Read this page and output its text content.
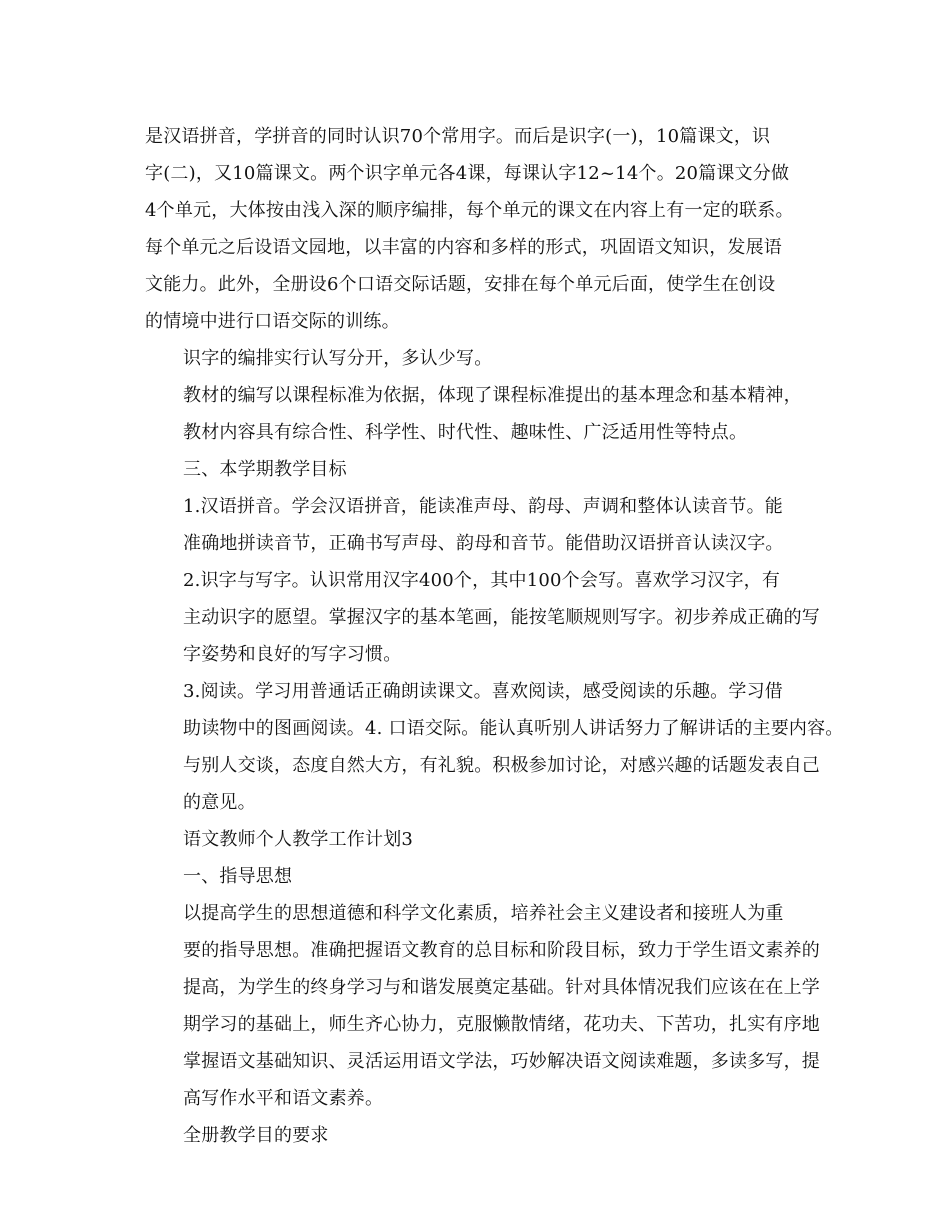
是汉语拼音，学拼音的同时认识70个常用字。而后是识字(一)，10篇课文，识
字(二)，又10篇课文。两个识字单元各4课，每课认字12~14个。20篇课文分做
4个单元，大体按由浅入深的顺序编排，每个单元的课文在内容上有一定的联系。
每个单元之后设语文园地，以丰富的内容和多样的形式，巩固语文知识，发展语
文能力。此外，全册设6个口语交际话题，安排在每个单元后面，使学生在创设
的情境中进行口语交际的训练。

识字的编排实行认写分开，多认少写。

教材的编写以课程标准为依据，体现了课程标准提出的基本理念和基本精神，
教材内容具有综合性、科学性、时代性、趣味性、广泛适用性等特点。

三、本学期教学目标

1.汉语拼音。学会汉语拼音，能读准声母、韵母、声调和整体认读音节。能
准确地拼读音节，正确书写声母、韵母和音节。能借助汉语拼音认读汉字。

2.识字与写字。认识常用汉字400个，其中100个会写。喜欢学习汉字，有
主动识字的愿望。掌握汉字的基本笔画，能按笔顺规则写字。初步养成正确的写
字姿势和良好的写字习惯。

3.阅读。学习用普通话正确朗读课文。喜欢阅读，感受阅读的乐趣。学习借
助读物中的图画阅读。4. 口语交际。能认真听别人讲话努力了解讲话的主要内容。
与别人交谈，态度自然大方，有礼貌。积极参加讨论，对感兴趣的话题发表自己
的意见。

语文教师个人教学工作计划3

一、指导思想

以提高学生的思想道德和科学文化素质，培养社会主义建设者和接班人为重
要的指导思想。准确把握语文教育的总目标和阶段目标，致力于学生语文素养的
提高，为学生的终身学习与和谐发展奠定基础。针对具体情况我们应该在在上学
期学习的基础上，师生齐心协力，克服懒散情绪，花功夫、下苦功，扎实有序地
掌握语文基础知识、灵活运用语文学法，巧妙解决语文阅读难题，多读多写，提
高写作水平和语文素养。

全册教学目的要求
